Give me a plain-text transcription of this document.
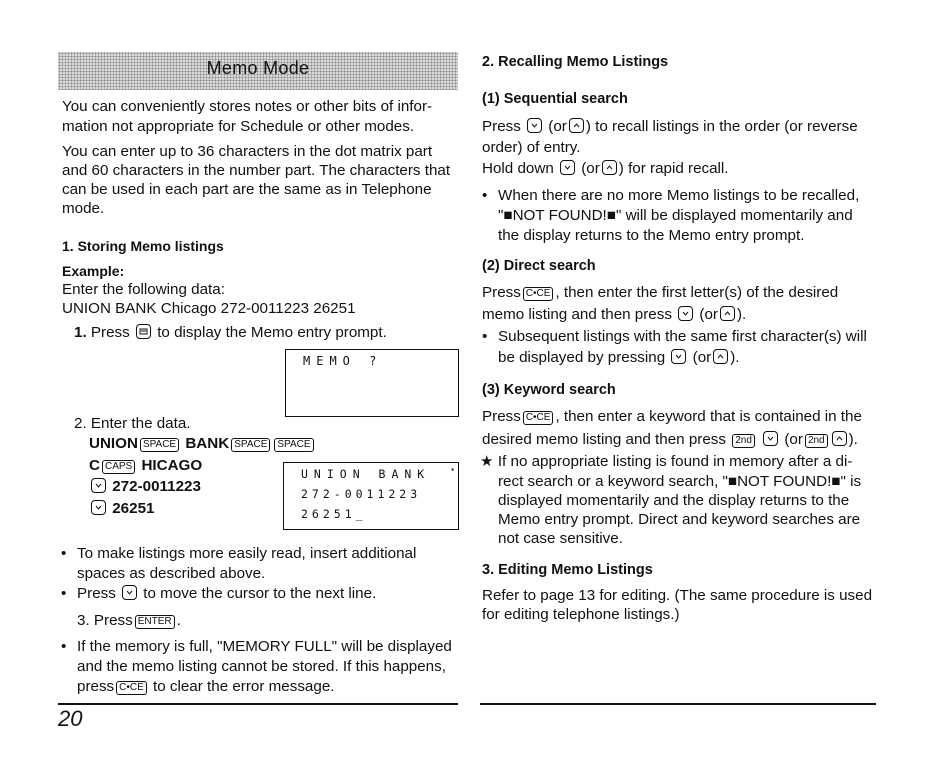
Memo Mode
You can conveniently stores notes or other bits of infor-
mation not appropriate for Schedule or other modes.
You can enter up to 36 characters in the dot matrix part
and 60 characters in the number part. The characters that
can be used in each part are the same as in Telephone
mode.
1. Storing Memo listings
Example:
Enter the following data:
UNION BANK Chicago 272-0011223 26251
1. Press to display the Memo entry prompt.
MEMO ?
2. Enter the data.
UNION SPACE BANK SPACE SPACE
C CAPS HICAGO
272-0011223
26251
▪
UNION BANK
272-0011223
26251_
• To make listings more easily read, insert additional
spaces as described above.
• Press to move the cursor to the next line.
3. Press ENTER .
• If the memory is full, "MEMORY FULL" will be displayed
and the memo listing cannot be stored. If this happens,
press C•CE to clear the error message.
20
2. Recalling Memo Listings
(1) Sequential search
Press (or ) to recall listings in the order (or reverse
order) of entry.
Hold down (or ) for rapid recall.
• When there are no more Memo listings to be recalled,
"■NOT FOUND!■" will be displayed momentarily and
the display returns to the Memo entry prompt.
(2) Direct search
Press C•CE , then enter the first letter(s) of the desired
memo listing and then press (or ).
• Subsequent listings with the same first character(s) will
be displayed by pressing (or ).
(3) Keyword search
Press C•CE , then enter a keyword that is contained in the
desired memo listing and then press 2nd (or 2nd ).
★ If no appropriate listing is found in memory after a di-
rect search or a keyword search, "■NOT FOUND!■" is
displayed momentarily and the display returns to the
Memo entry prompt. Direct and keyword searches are
not case sensitive.
3. Editing Memo Listings
Refer to page 13 for editing. (The same procedure is used
for editing telephone listings.)
